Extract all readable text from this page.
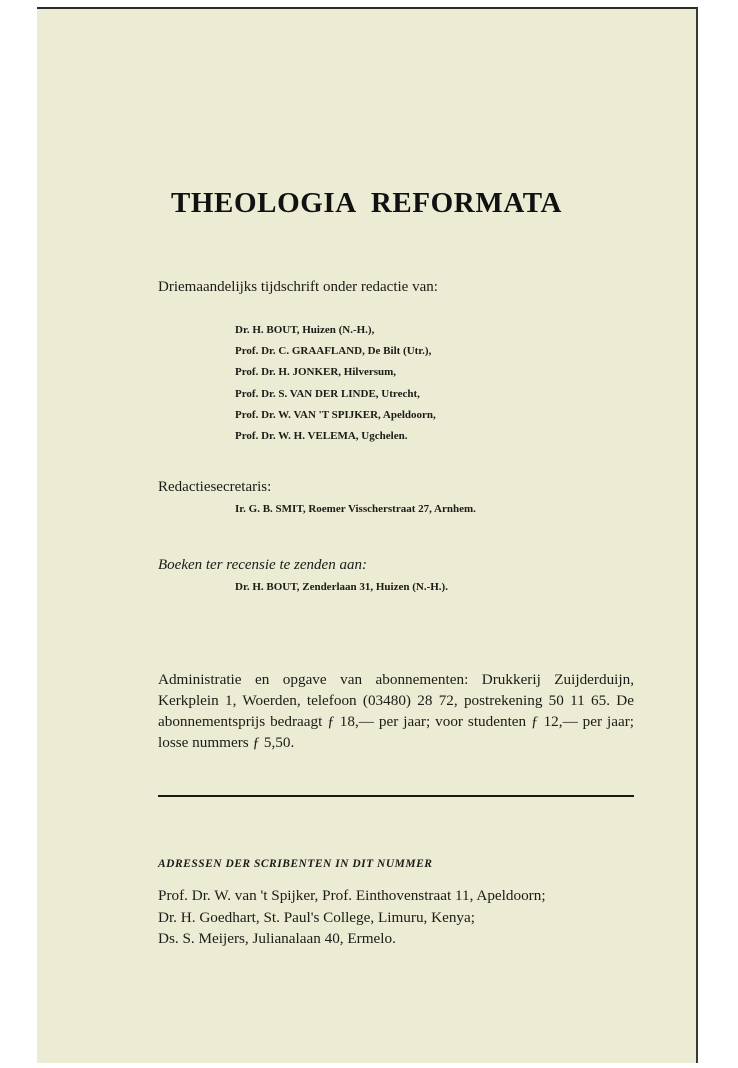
THEOLOGIA REFORMATA
Driemaandelijks tijdschrift onder redactie van:
Dr. H. BOUT, Huizen (N.-H.),
Prof. Dr. C. GRAAFLAND, De Bilt (Utr.),
Prof. Dr. H. JONKER, Hilversum,
Prof. Dr. S. VAN DER LINDE, Utrecht,
Prof. Dr. W. VAN 'T SPIJKER, Apeldoorn,
Prof. Dr. W. H. VELEMA, Ugchelen.
Redactiesecretaris:
Ir. G. B. SMIT, Roemer Visscherstraat 27, Arnhem.
Boeken ter recensie te zenden aan:
Dr. H. BOUT, Zenderlaan 31, Huizen (N.-H.).
Administratie en opgave van abonnementen: Drukkerij Zuijderduijn, Kerkplein 1, Woerden, telefoon (03480) 28 72, postrekening 50 11 65. De abonnementsprijs bedraagt ƒ 18,— per jaar; voor studenten ƒ 12,— per jaar; losse nummers ƒ 5,50.
ADRESSEN DER SCRIBENTEN IN DIT NUMMER
Prof. Dr. W. van 't Spijker, Prof. Einthovenstraat 11, Apeldoorn;
Dr. H. Goedhart, St. Paul's College, Limuru, Kenya;
Ds. S. Meijers, Julianalaan 40, Ermelo.
